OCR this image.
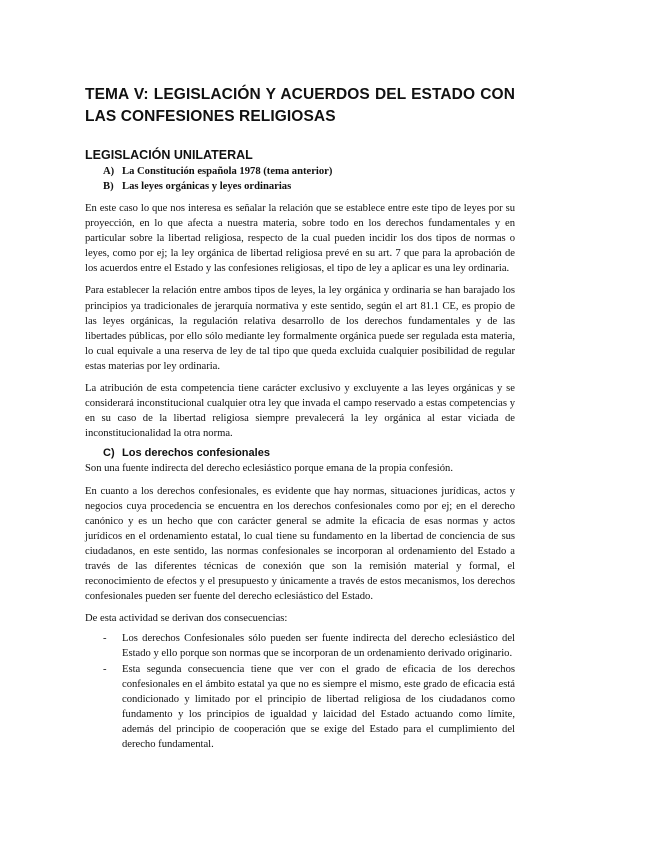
TEMA V: LEGISLACIÓN Y ACUERDOS DEL ESTADO CON LAS CONFESIONES RELIGIOSAS
LEGISLACIÓN UNILATERAL
A) La Constitución española 1978 (tema anterior)
B) Las leyes orgánicas y leyes ordinarias

En este caso lo que nos interesa es señalar la relación que se establece entre este tipo de leyes por su proyección, en lo que afecta a nuestra materia, sobre todo en los derechos fundamentales y en particular sobre la libertad religiosa, respecto de la cual pueden incidir los dos tipos de normas o leyes, como por ej; la ley orgánica de libertad religiosa prevé en su art. 7 que para la aprobación de los acuerdos entre el Estado y las confesiones religiosas, el tipo de ley a aplicar es una ley ordinaria.

Para establecer la relación entre ambos tipos de leyes, la ley orgánica y ordinaria se han barajado los principios ya tradicionales de jerarquía normativa y este sentido, según el art 81.1 CE, es propio de las leyes orgánicas, la regulación relativa desarrollo de los derechos fundamentales y de las libertades públicas, por ello sólo mediante ley formalmente orgánica puede ser regulada esta materia, lo cual equivale a una reserva de ley de tal tipo que queda excluida cualquier posibilidad de regular estas materias por ley ordinaria.

La atribución de esta competencia tiene carácter exclusivo y excluyente a las leyes orgánicas y se considerará inconstitucional cualquier otra ley que invada el campo reservado a estas competencias y en su caso de la libertad religiosa siempre prevalecerá la ley orgánica al estar viciada de inconstitucionalidad la otra norma.

C) Los derechos confesionales

Son una fuente indirecta del derecho eclesiástico porque emana de la propia confesión.

En cuanto a los derechos confesionales, es evidente que hay normas, situaciones jurídicas, actos y negocios cuya procedencia se encuentra en los derechos confesionales como por ej; en el derecho canónico y es un hecho que con carácter general se admite la eficacia de esas normas y actos jurídicos en el ordenamiento estatal, lo cual tiene su fundamento en la libertad de conciencia de sus ciudadanos, en este sentido, las normas confesionales se incorporan al ordenamiento del Estado a través de las diferentes técnicas de conexión que son la remisión material y formal, el reconocimiento de efectos y el presupuesto y únicamente a través de estos mecanismos, los derechos confesionales pueden ser fuente del derecho eclesiástico del Estado.

De esta actividad se derivan dos consecuencias:

- Los derechos Confesionales sólo pueden ser fuente indirecta del derecho eclesiástico del Estado y ello porque son normas que se incorporan de un ordenamiento derivado originario.
- Esta segunda consecuencia tiene que ver con el grado de eficacia de los derechos confesionales en el ámbito estatal ya que no es siempre el mismo, este grado de eficacia está condicionado y limitado por el principio de libertad religiosa de los ciudadanos como fundamento y los principios de igualdad y laicidad del Estado actuando como límite, además del principio de cooperación que se exige del Estado para el cumplimiento del derecho fundamental.
